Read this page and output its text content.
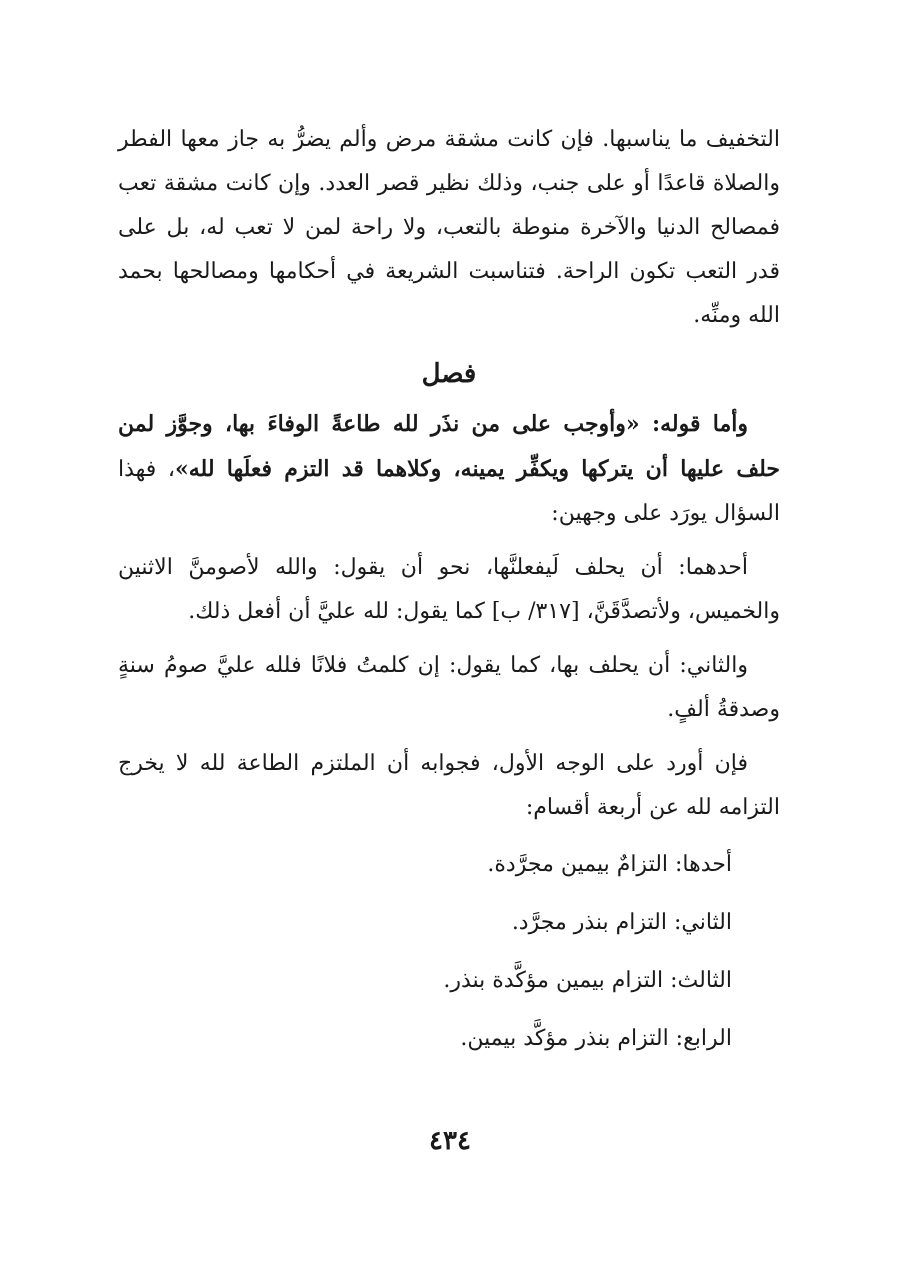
التخفيف ما يناسبها. فإن كانت مشقة مرض وألم يضرُّ به جاز معها الفطر والصلاة قاعدًا أو على جنب، وذلك نظير قصر العدد. وإن كانت مشقة تعب فمصالح الدنيا والآخرة منوطة بالتعب، ولا راحة لمن لا تعب له، بل على قدر التعب تكون الراحة. فتناسبت الشريعة في أحكامها ومصالحها بحمد الله ومنِّه.

فصل

وأما قوله: «وأوجب على من نذَر لله طاعةً الوفاءَ بها، وجوَّز لمن حلف عليها أن يتركها ويكفِّر يمينه، وكلاهما قد التزم فعلَها لله»، فهذا السؤال يورَد على وجهين:

أحدهما: أن يحلف لَيفعلنَّها، نحو أن يقول: والله لأصومنَّ الاثنين والخميس، ولأتصدَّقَنَّ، [٣١٧/ ب] كما يقول: لله عليَّ أن أفعل ذلك.

والثاني: أن يحلف بها، كما يقول: إن كلمتُ فلانًا فلله عليَّ صومُ سنةٍ وصدقةُ ألفٍ.

فإن أورد على الوجه الأول، فجوابه أن الملتزم الطاعة لله لا يخرج التزامه لله عن أربعة أقسام:

أحدها: التزامٌ بيمين مجرَّدة.

الثاني: التزام بنذر مجرَّد.

الثالث: التزام بيمين مؤكَّدة بنذر.

الرابع: التزام بنذر مؤكَّد بيمين.

٤٣٤
